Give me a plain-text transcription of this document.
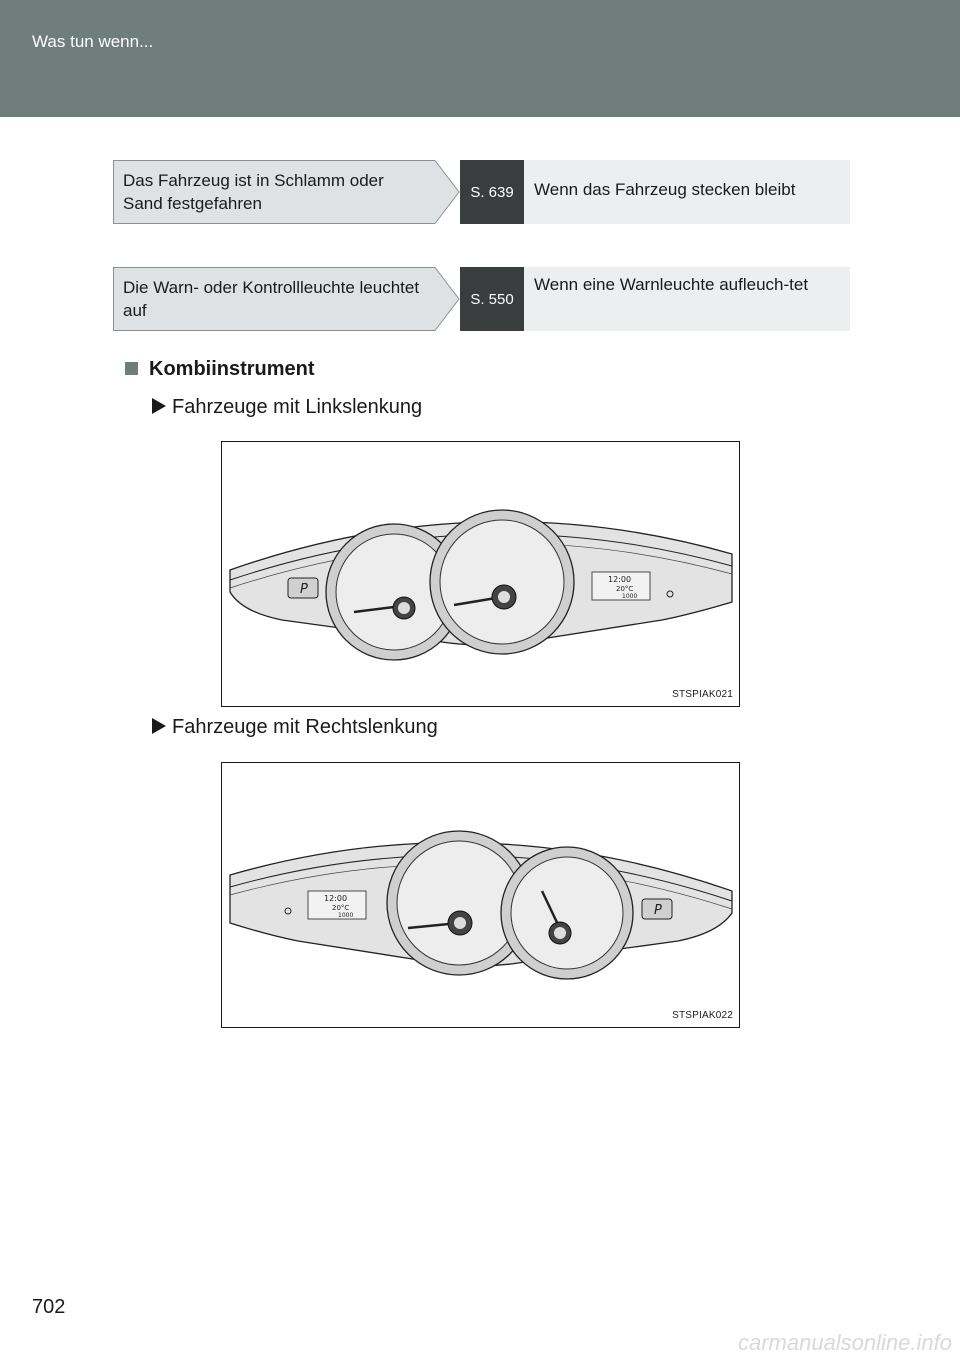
Was tun wenn...
Das Fahrzeug ist in Schlamm oder Sand festgefahren
S. 639	Wenn das Fahrzeug stecken bleibt
Die Warn- oder Kontrollleuchte leuchtet auf
S. 550
Wenn eine Warnleuchte aufleuch-tet
Kombiinstrument
Fahrzeuge mit Linkslenkung
P
12:00
20°C
1000
STSPIAK021
Fahrzeuge mit Rechtslenkung
12:00
20°C
1000	P
STSPIAK022
702
carmanualsonline.info
